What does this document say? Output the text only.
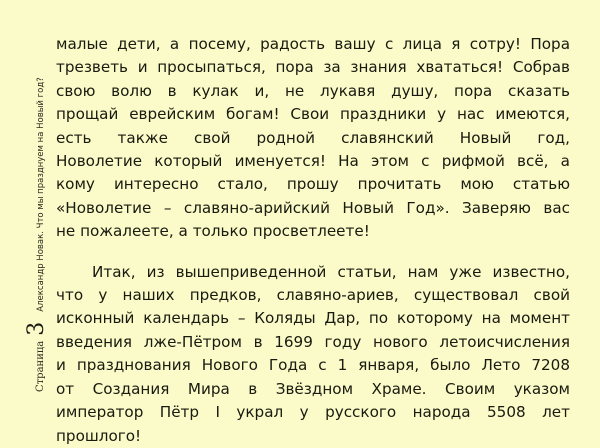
Страница
3
Александр Новак. Что мы празднуем на Новый год?

малые дети, а посему, радость вашу с лица я сотру! Пора
трезветь и просыпаться, пора за знания хвататься! Собрав
свою волю в кулак и, не лукавя душу, пора сказать
прощай еврейским богам! Свои праздники у нас имеются,
есть также свой родной славянский Новый год,
Новолетие который именуется! На этом с рифмой всё, а
кому интересно стало, прошу прочитать мою статью
«Новолетие – славяно-арийский Новый Год». Заверяю вас
не пожалеете, а только просветлеете!

Итак, из вышеприведенной статьи, нам уже известно,
что у наших предков, славяно-ариев, существовал свой
исконный календарь – Коляды Дар, по которому на момент
введения лже-Пётром в 1699 году нового летоисчисления
и празднования Нового Года с 1 января, было Лето 7208
от Создания Мира в Звёздном Храме. Своим указом
император Пётр I украл у русского народа 5508 лет
прошлого!
